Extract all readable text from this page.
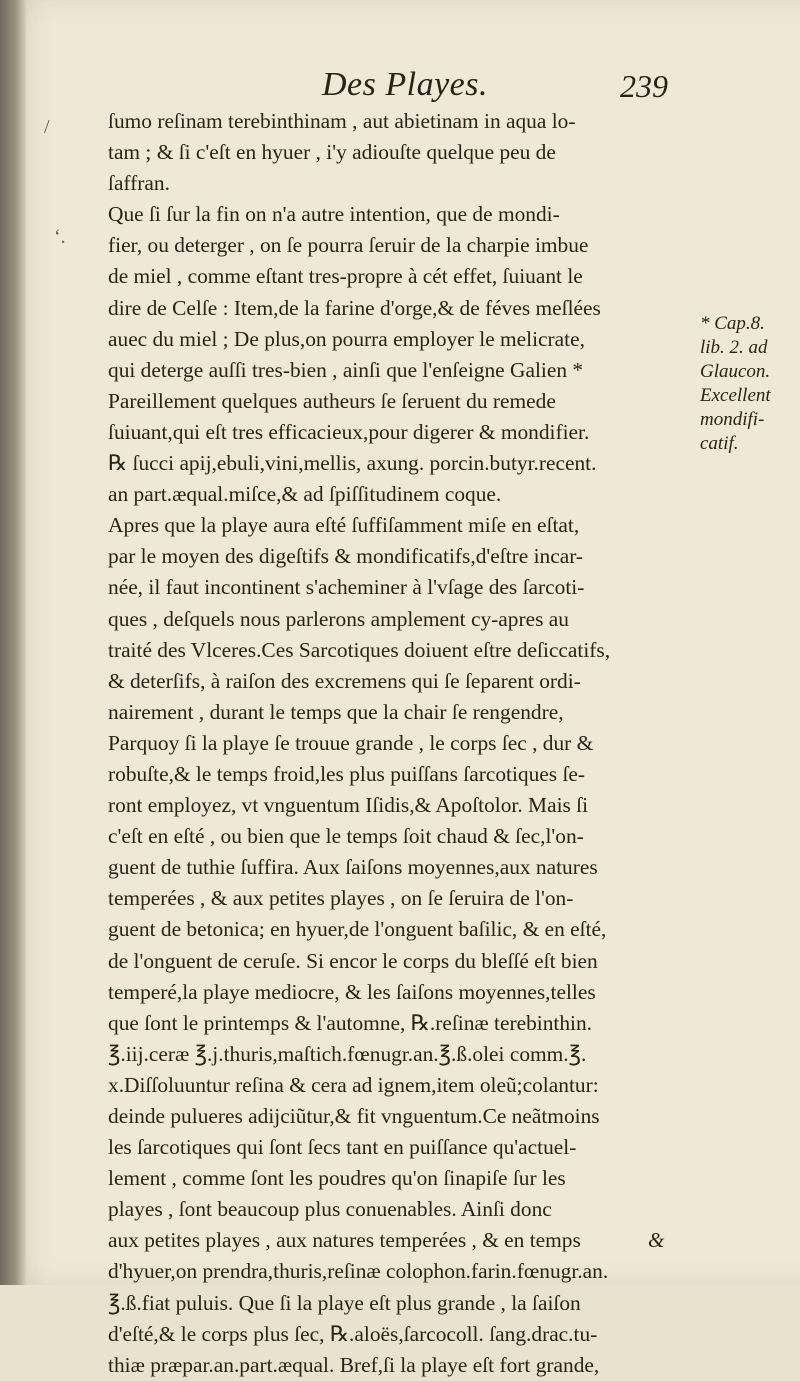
Des Playes.	239
ſumo reſinam terebinthinam , aut abietinam in aqua lo-
tam ; & ſi c'eſt en hyuer , i'y adiouſte quelque peu de
ſaffran.
Que ſi ſur la fin on n'a autre intention, que de mondi-
fier, ou deterger , on ſe pourra ſeruir de la charpie imbue
de miel , comme eſtant tres-propre à cét effet, ſuiuant le
dire de Celſe : Item,de la farine d'orge,& de féves meſlées
auec du miel ; De plus,on pourra employer le melicrate,
qui deterge auſſi tres-bien , ainſi que l'enſeigne Galien *
Pareillement quelques autheurs ſe ſeruent du remede
ſuiuant,qui eſt tres efficacieux,pour digerer & mondifier.
℞ ſucci apij,ebuli,vini,mellis, axung. porcin.butyr.recent.
an part.æqual.miſce,& ad ſpiſſitudinem coque.
Apres que la playe aura eſté ſuffiſamment miſe en eſtat,
par le moyen des digeſtifs & mondificatifs,d'eſtre incar-
née, il faut incontinent s'acheminer à l'vſage des ſarcoti-
ques , deſquels nous parlerons amplement cy-apres au
traité des Vlceres.Ces Sarcotiques doiuent eſtre deſiccatifs,
& deterſifs, à raiſon des excremens qui ſe ſeparent ordi-
nairement , durant le temps que la chair ſe rengendre,
Parquoy ſi la playe ſe trouue grande , le corps ſec , dur &
robuſte,& le temps froid,les plus puiſſans ſarcotiques ſe-
ront employez, vt vnguentum Iſidis,& Apoſtolor. Mais ſi
c'eſt en eſté , ou bien que le temps ſoit chaud & ſec,l'on-
guent de tuthie ſuffira. Aux ſaiſons moyennes,aux natures
temperées , & aux petites playes , on ſe ſeruira de l'on-
guent de betonica; en hyuer,de l'onguent baſilic, & en eſté,
de l'onguent de ceruſe. Si encor le corps du bleſſé eſt bien
temperé,la playe mediocre, & les ſaiſons moyennes,telles
que ſont le printemps & l'automne, ℞.reſinæ terebinthin.
℥.iij.ceræ ℥.j.thuris,maſtich.fœnugr.an.℥.ß.olei comm.℥.
x.Diſſoluuntur reſina & cera ad ignem,item oleũ;colantur:
deinde pulueres adijciũtur,& fit vnguentum.Ce neãtmoins
les ſarcotiques qui ſont ſecs tant en puiſſance qu'actuel-
lement , comme ſont les poudres qu'on ſinapiſe ſur les
playes , ſont beaucoup plus conuenables. Ainſi donc
aux petites playes , aux natures temperées , & en temps
d'hyuer,on prendra,thuris,reſinæ colophon.farin.fœnugr.an.
℥.ß.fiat puluis. Que ſi la playe eſt plus grande , la ſaiſon
d'eſté,& le corps plus ſec, ℞.aloës,ſarcocoll. ſang.drac.tu-
thiæ præpar.an.part.æqual. Bref,ſi la playe eſt fort grande,
* Cap.8.
lib. 2. ad
Glaucon.
Excellent
mondifi-
catif.
/
‘.
&
